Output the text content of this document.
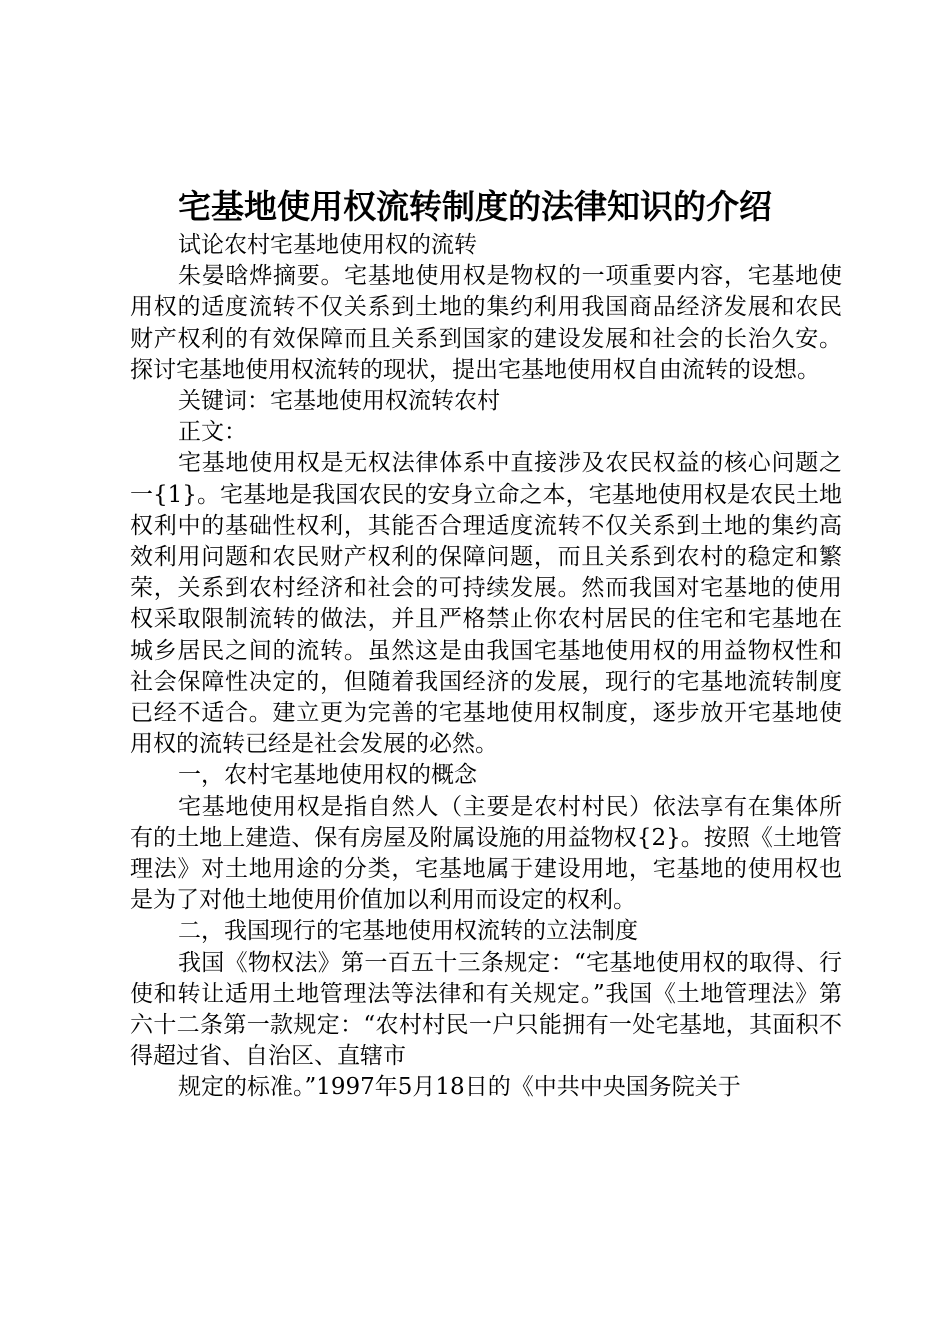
宅基地使用权流转制度的法律知识的介绍

试论农村宅基地使用权的流转

朱晏晗烨摘要。宅基地使用权是物权的一项重要内容，宅基地使用权的适度流转不仅关系到土地的集约利用我国商品经济发展和农民财产权利的有效保障而且关系到国家的建设发展和社会的长治久安。探讨宅基地使用权流转的现状，提出宅基地使用权自由流转的设想。

关键词：宅基地使用权流转农村

正文：

宅基地使用权是无权法律体系中直接涉及农民权益的核心问题之一{1}。宅基地是我国农民的安身立命之本，宅基地使用权是农民土地权利中的基础性权利，其能否合理适度流转不仅关系到土地的集约高效利用问题和农民财产权利的保障问题，而且关系到农村的稳定和繁荣，关系到农村经济和社会的可持续发展。然而我国对宅基地的使用权采取限制流转的做法，并且严格禁止你农村居民的住宅和宅基地在城乡居民之间的流转。虽然这是由我国宅基地使用权的用益物权性和社会保障性决定的，但随着我国经济的发展，现行的宅基地流转制度已经不适合。建立更为完善的宅基地使用权制度，逐步放开宅基地使用权的流转已经是社会发展的必然。

一，农村宅基地使用权的概念

宅基地使用权是指自然人（主要是农村村民）依法享有在集体所有的土地上建造、保有房屋及附属设施的用益物权{2}。按照《土地管理法》对土地用途的分类，宅基地属于建设用地，宅基地的使用权也是为了对他土地使用价值加以利用而设定的权利。

二，我国现行的宅基地使用权流转的立法制度

我国《物权法》第一百五十三条规定：“宅基地使用权的取得、行使和转让适用土地管理法等法律和有关规定。”我国《土地管理法》第六十二条第一款规定：“农村村民一户只能拥有一处宅基地，其面积不得超过省、自治区、直辖市

规定的标准。”1997年5月18日的《中共中央国务院关于
